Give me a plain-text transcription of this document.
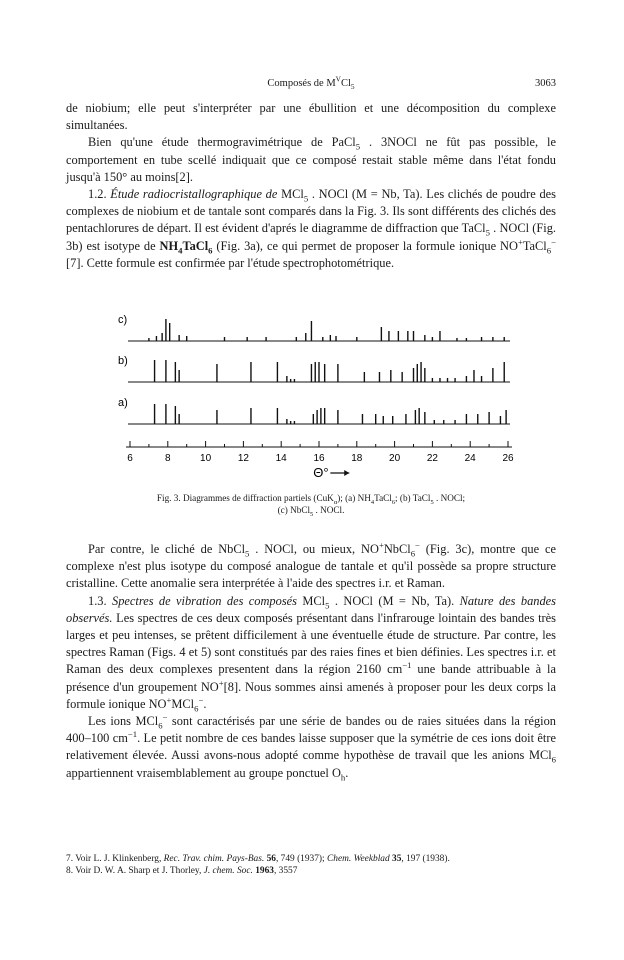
Composés de $M^VCl_5$	3063

de niobium; elle peut s'interpréter par une ébullition et une décomposition du complexe simultanées.

Bien qu'une étude thermogravimétrique de PaCl$_5$ . 3NOCl ne fût pas possible, le comportement en tube scellé indiquait que ce composé restait stable même dans l'état fondu jusqu'à 150° au moins[2].

1.2. Étude radiocristallographique de MCl$_5$ . NOCl (M = Nb, Ta). Les clichés de poudre des complexes de niobium et de tantale sont comparés dans la Fig. 3. Ils sont différents des clichés des pentachlorures de départ. Il est évident d'aprés le diagramme de diffraction que TaCl$_5$ . NOCl (Fig. 3b) est isotype de $NH_4TaCl_6$ (Fig. 3a), ce qui permet de proposer la formule ionique NO+TaCl$_6$− [7]. Cette formule est confirmée par l'étude spectrophotométrique.

c)
b)
a)
6	8	10	12	14	16	18	20	22	24	26
Θ°
Fig. 3. Diagrammes de diffraction partiels (CuK$_\alpha$); (a) $NH_4TaCl_6$; (b) TaCl$_5$ . NOCl;
(c) NbCl$_5$ . NOCl.

Par contre, le cliché de NbCl$_5$ . NOCl, ou mieux, NO+NbCl$_6$− (Fig. 3c), montre que ce complexe n'est plus isotype du composé analogue de tantale et qu'il possède sa propre structure cristalline. Cette anomalie sera interprétée à l'aide des spectres i.r. et Raman.

1.3. Spectres de vibration des composés MCl$_5$ . NOCl (M = Nb, Ta). Nature des bandes observés. Les spectres de ces deux composés présentant dans l'infrarouge lointain des bandes très larges et peu intenses, se prêtent difficilement à une éventuelle étude de structure. Par contre, les spectres Raman (Figs. 4 et 5) sont constitués par des raies fines et bien définies. Les spectres i.r. et Raman des deux complexes presentent dans la région 2160 $cm^{-1}$ une bande attribuable à la présence d'un groupement NO+[8]. Nous sommes ainsi amenés à proposer pour les deux corps la formule ionique NO+MCl$_6$−.

Les ions MCl$_6$− sont caractérisés par une série de bandes ou de raies situées dans la région 400–100 $cm^{-1}$. Le petit nombre de ces bandes laisse supposer que la symétrie de ces ions doit être relativement élevée. Aussi avons-nous adopté comme hypothèse de travail que les anions MCl$_6$ appartiennent vraisemblablement au groupe ponctuel $O_h$.

7. Voir L. J. Klinkenberg, Rec. Trav. chim. Pays-Bas. 56, 749 (1937); Chem. Weekblad 35, 197 (1938).

8. Voir D. W. A. Sharp et J. Thorley, J. chem. Soc. 1963, 3557
